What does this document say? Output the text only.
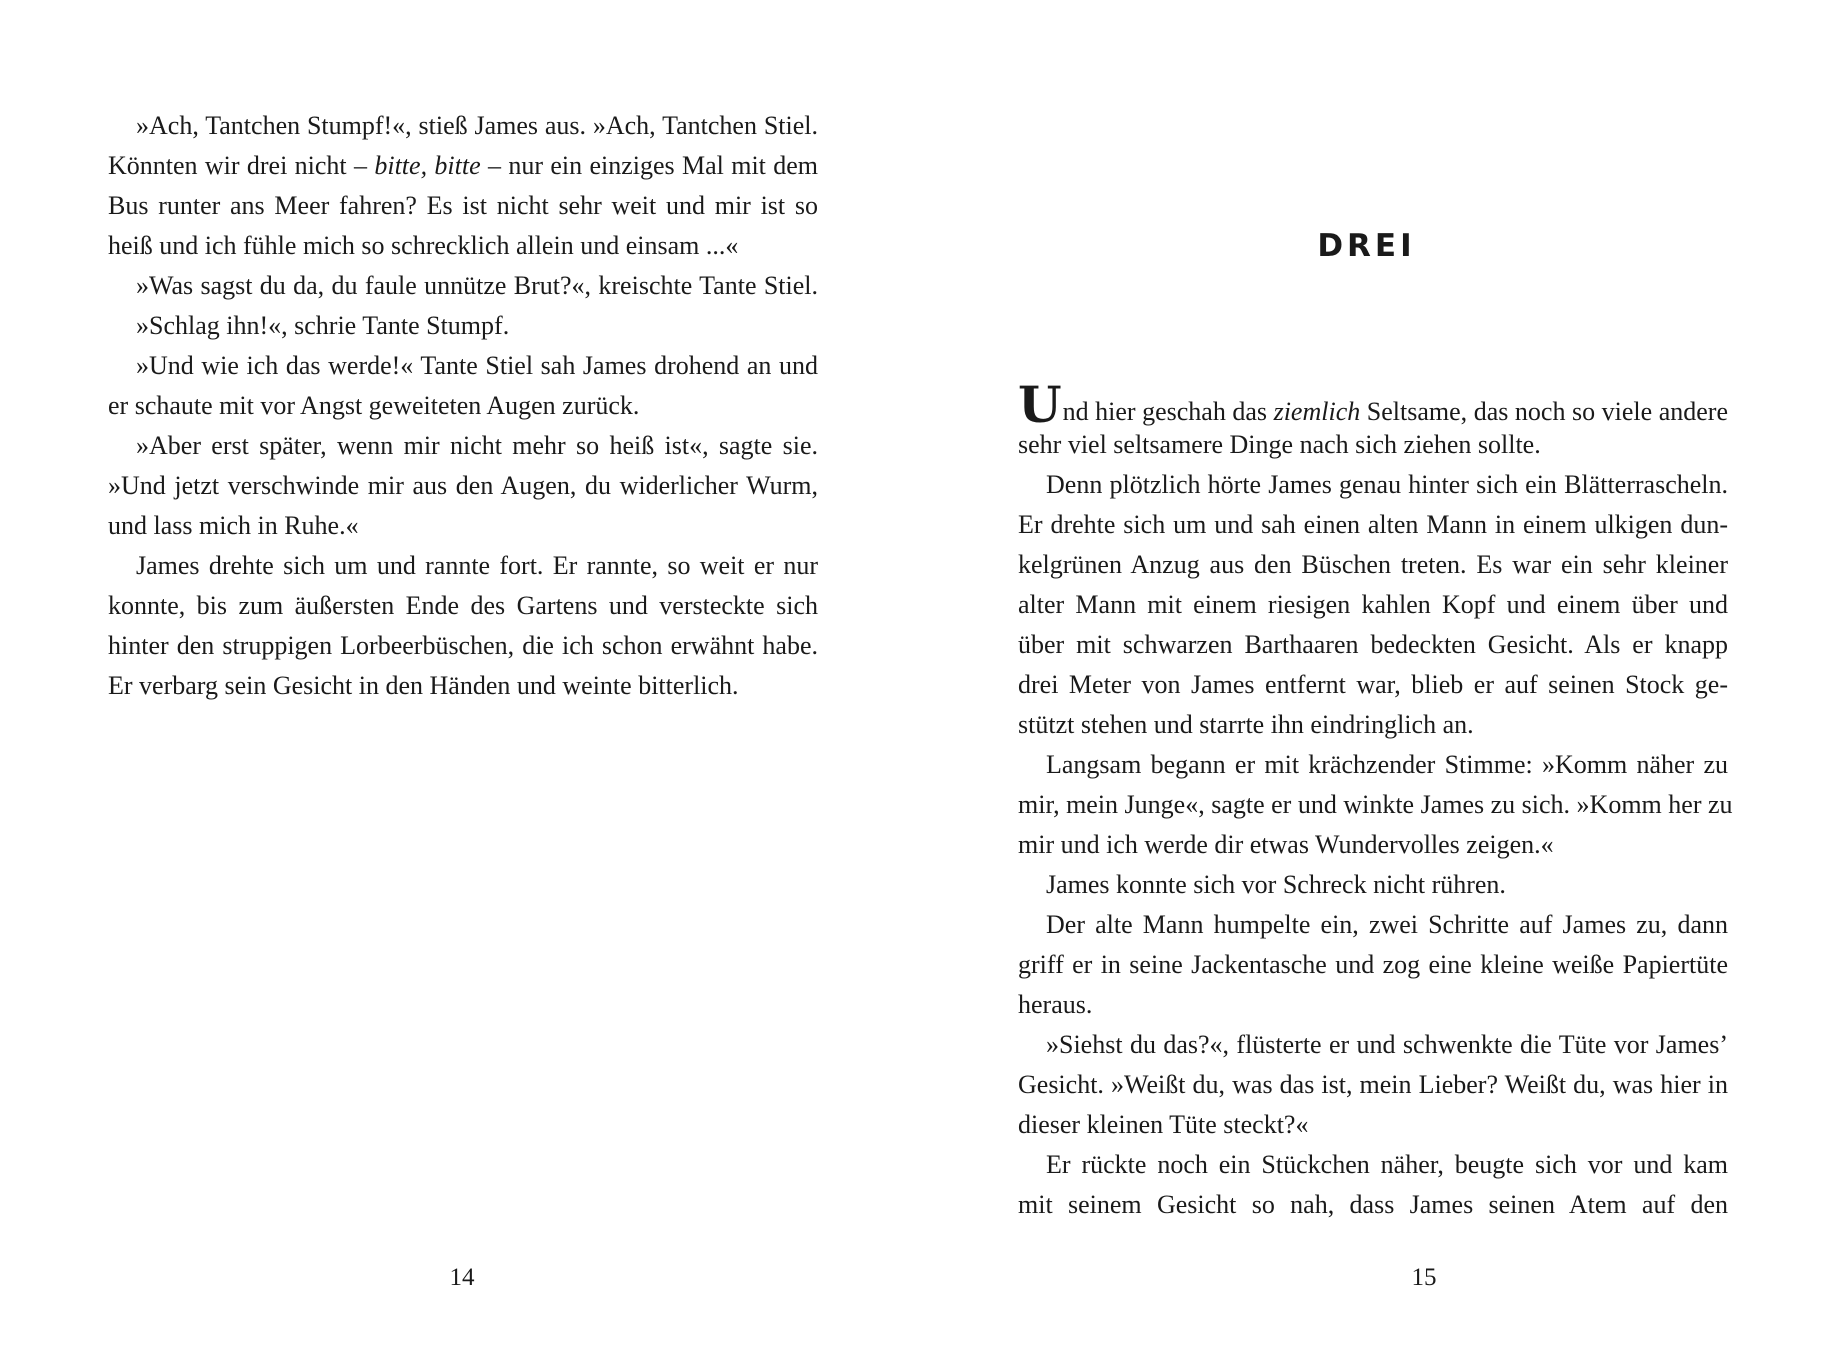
»Ach, Tantchen Stumpf!«, stieß James aus. »Ach, Tantchen Stiel.
Könnten wir drei nicht – bitte, bitte – nur ein einziges Mal mit dem
Bus runter ans Meer fahren? Es ist nicht sehr weit und mir ist so
heiß und ich fühle mich so schrecklich allein und einsam ...«
»Was sagst du da, du faule unnütze Brut?«, kreischte Tante Stiel.
»Schlag ihn!«, schrie Tante Stumpf.
»Und wie ich das werde!« Tante Stiel sah James drohend an und
er schaute mit vor Angst geweiteten Augen zurück.
»Aber erst später, wenn mir nicht mehr so heiß ist«, sagte sie.
»Und jetzt verschwinde mir aus den Augen, du widerlicher Wurm,
und lass mich in Ruhe.«
James drehte sich um und rannte fort. Er rannte, so weit er nur
konnte, bis zum äußersten Ende des Gartens und versteckte sich
hinter den struppigen Lorbeerbüschen, die ich schon erwähnt habe.
Er verbarg sein Gesicht in den Händen und weinte bitterlich.
14
DREI
Und hier geschah das ziemlich Seltsame, das noch so viele andere
sehr viel seltsamere Dinge nach sich ziehen sollte.
Denn plötzlich hörte James genau hinter sich ein Blätterrascheln.
Er drehte sich um und sah einen alten Mann in einem ulkigen dun-
kelgrünen Anzug aus den Büschen treten. Es war ein sehr kleiner
alter Mann mit einem riesigen kahlen Kopf und einem über und
über mit schwarzen Barthaaren bedeckten Gesicht. Als er knapp
drei Meter von James entfernt war, blieb er auf seinen Stock ge-
stützt stehen und starrte ihn eindringlich an.
Langsam begann er mit krächzender Stimme: »Komm näher zu
mir, mein Junge«, sagte er und winkte James zu sich. »Komm her zu
mir und ich werde dir etwas Wundervolles zeigen.«
James konnte sich vor Schreck nicht rühren.
Der alte Mann humpelte ein, zwei Schritte auf James zu, dann
griff er in seine Jackentasche und zog eine kleine weiße Papiertüte
heraus.
»Siehst du das?«, flüsterte er und schwenkte die Tüte vor James’
Gesicht. »Weißt du, was das ist, mein Lieber? Weißt du, was hier in
dieser kleinen Tüte steckt?«
Er rückte noch ein Stückchen näher, beugte sich vor und kam
mit seinem Gesicht so nah, dass James seinen Atem auf den
15
